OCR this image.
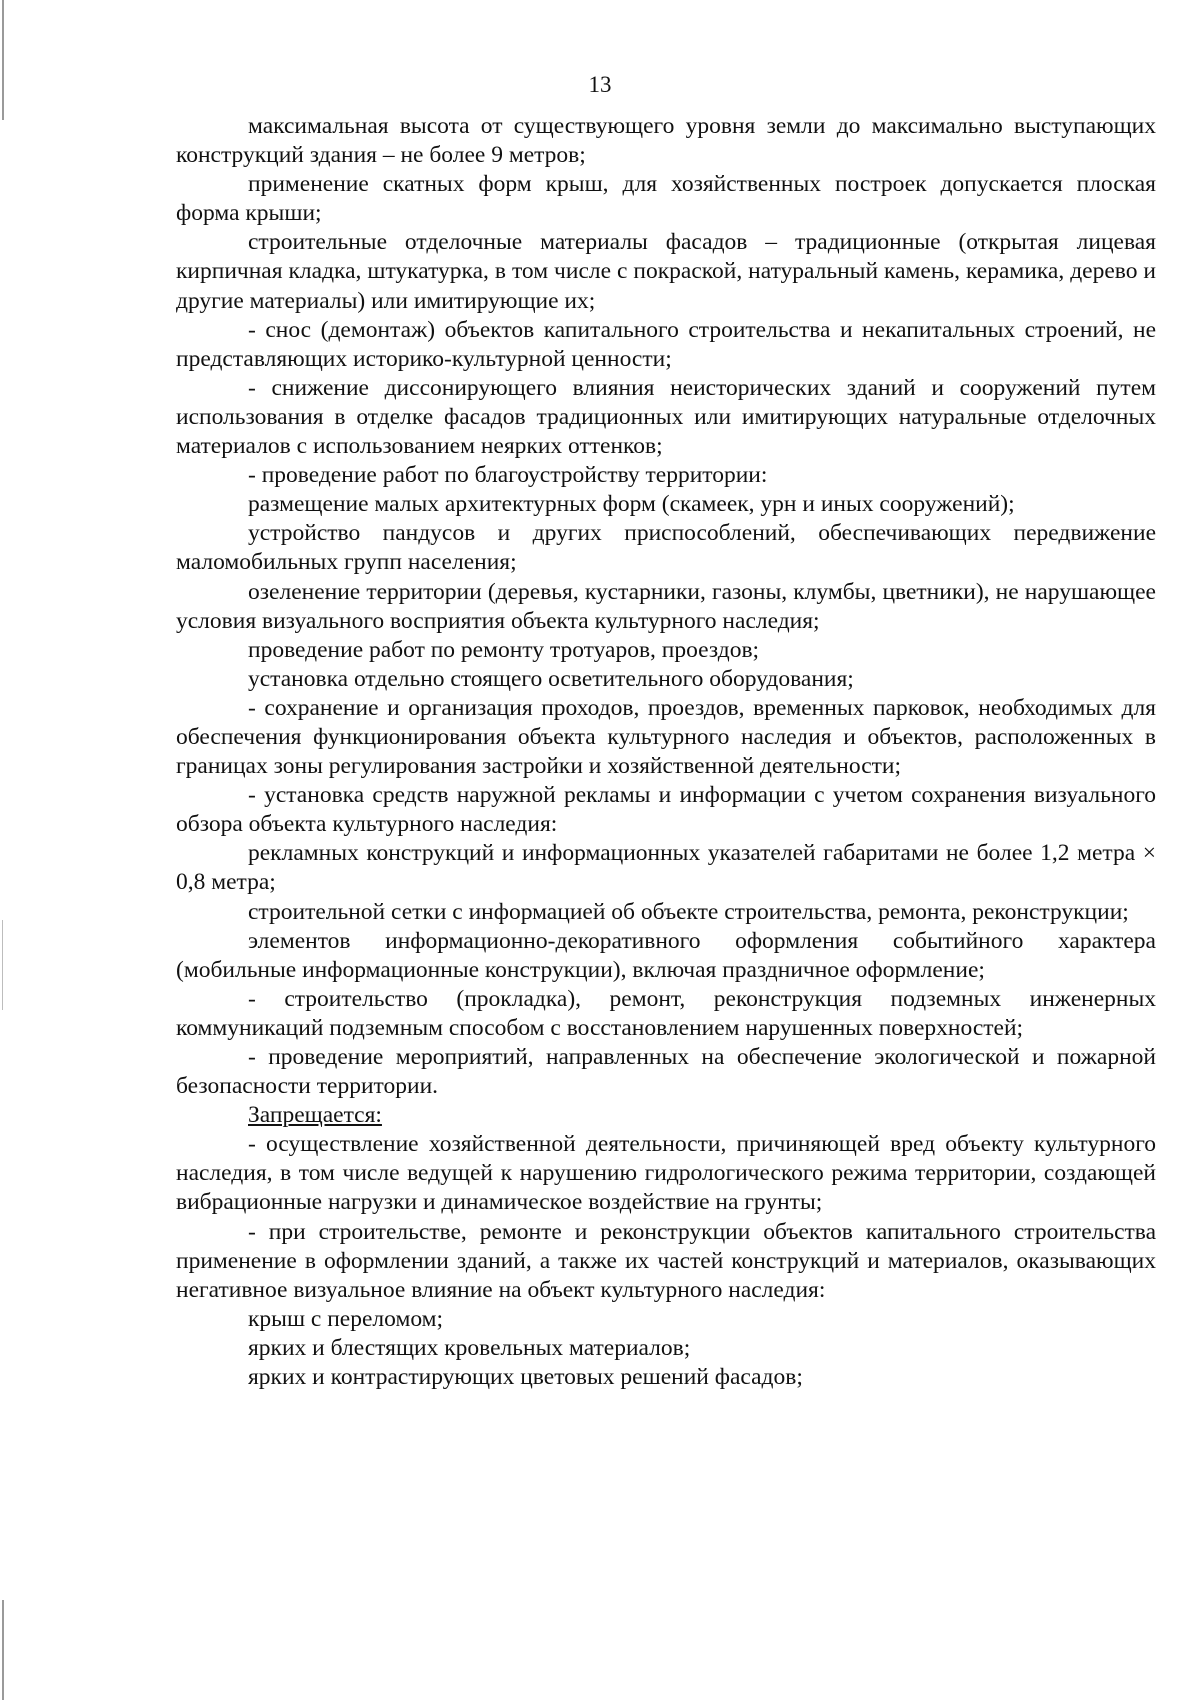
13

максимальная высота от существующего уровня земли до максимально выступающих конструкций здания – не более 9 метров;

применение скатных форм крыш, для хозяйственных построек допускается плоская форма крыши;

строительные отделочные материалы фасадов – традиционные (открытая лицевая кирпичная кладка, штукатурка, в том числе с покраской, натуральный камень, керамика, дерево и другие материалы) или имитирующие их;

- снос (демонтаж) объектов капитального строительства и некапитальных строений, не представляющих историко-культурной ценности;

- снижение диссонирующего влияния неисторических зданий и сооружений путем использования в отделке фасадов традиционных или имитирующих натуральные отделочных материалов с использованием неярких оттенков;

- проведение работ по благоустройству территории:

размещение малых архитектурных форм (скамеек, урн и иных сооружений);

устройство пандусов и других приспособлений, обеспечивающих передвижение маломобильных групп населения;

озеленение территории (деревья, кустарники, газоны, клумбы, цветники), не нарушающее условия визуального восприятия объекта культурного наследия;

проведение работ по ремонту тротуаров, проездов;

установка отдельно стоящего осветительного оборудования;

- сохранение и организация проходов, проездов, временных парковок, необходимых для обеспечения функционирования объекта культурного наследия и объектов, расположенных в границах зоны регулирования застройки и хозяйственной деятельности;

- установка средств наружной рекламы и информации с учетом сохранения визуального обзора объекта культурного наследия:

рекламных конструкций и информационных указателей габаритами не более 1,2 метра × 0,8 метра;

строительной сетки с информацией об объекте строительства, ремонта, реконструкции;

элементов информационно-декоративного оформления событийного характера (мобильные информационные конструкции), включая праздничное оформление;

- строительство (прокладка), ремонт, реконструкция подземных инженерных коммуникаций подземным способом с восстановлением нарушенных поверхностей;

- проведение мероприятий, направленных на обеспечение экологической и пожарной безопасности территории.

Запрещается:

- осуществление хозяйственной деятельности, причиняющей вред объекту культурного наследия, в том числе ведущей к нарушению гидрологического режима территории, создающей вибрационные нагрузки и динамическое воздействие на грунты;

- при строительстве, ремонте и реконструкции объектов капитального строительства применение в оформлении зданий, а также их частей конструкций и материалов, оказывающих негативное визуальное влияние на объект культурного наследия:

крыш с переломом;

ярких и блестящих кровельных материалов;

ярких и контрастирующих цветовых решений фасадов;
